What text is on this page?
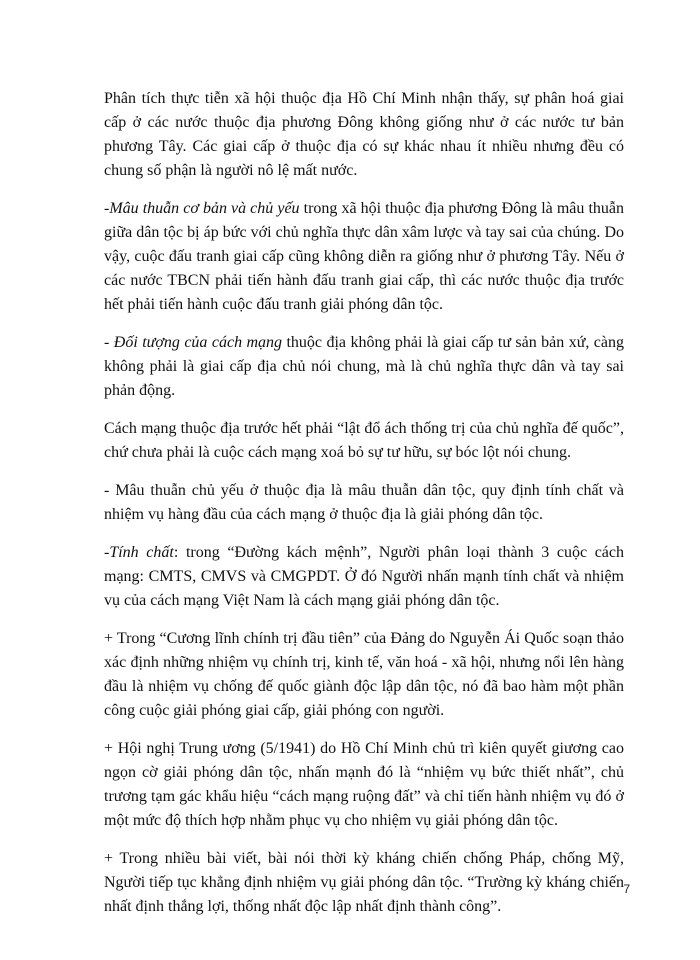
Phân tích thực tiễn xã hội thuộc địa Hồ Chí Minh nhận thấy, sự phân hoá giai cấp ở các nước thuộc địa phương Đông không giống như ở các nước tư bản phương Tây. Các giai cấp ở thuộc địa có sự khác nhau ít nhiều nhưng đều có chung số phận là người nô lệ mất nước.

-Mâu thuẫn cơ bản và chủ yếu trong xã hội thuộc địa phương Đông là mâu thuẫn giữa dân tộc bị áp bức với chủ nghĩa thực dân xâm lược và tay sai của chúng. Do vậy, cuộc đấu tranh giai cấp cũng không diễn ra giống như ở phương Tây. Nếu ở các nước TBCN phải tiến hành đấu tranh giai cấp, thì các nước thuộc địa trước hết phải tiến hành cuộc đấu tranh giải phóng dân tộc.

- Đối tượng của cách mạng thuộc địa không phải là giai cấp tư sản bản xứ, càng không phải là giai cấp địa chủ nói chung, mà là chủ nghĩa thực dân và tay sai phản động.

Cách mạng thuộc địa trước hết phải “lật đổ ách thống trị của chủ nghĩa đế quốc”, chứ chưa phải là cuộc cách mạng xoá bỏ sự tư hữu, sự bóc lột nói chung.

- Mâu thuẫn chủ yếu ở thuộc địa là mâu thuẫn dân tộc, quy định tính chất và nhiệm vụ hàng đầu của cách mạng ở thuộc địa là giải phóng dân tộc.

-Tính chất: trong “Đường kách mệnh”, Người phân loại thành 3 cuộc cách mạng: CMTS, CMVS và CMGPDT. Ở đó Người nhấn mạnh tính chất và nhiệm vụ của cách mạng Việt Nam là cách mạng giải phóng dân tộc.

+ Trong “Cương lĩnh chính trị đầu tiên” của Đảng do Nguyễn Ái Quốc soạn thảo xác định những nhiệm vụ chính trị, kinh tế, văn hoá - xã hội, nhưng nổi lên hàng đầu là nhiệm vụ chống đế quốc giành độc lập dân tộc, nó đã bao hàm một phần công cuộc giải phóng giai cấp, giải phóng con người.

+ Hội nghị Trung ương (5/1941) do Hồ Chí Minh chủ trì kiên quyết giương cao ngọn cờ giải phóng dân tộc, nhấn mạnh đó là “nhiệm vụ bức thiết nhất”, chủ trương tạm gác khẩu hiệu “cách mạng ruộng đất” và chỉ tiến hành nhiệm vụ đó ở một mức độ thích hợp nhằm phục vụ cho nhiệm vụ giải phóng dân tộc.

+ Trong nhiều bài viết, bài nói thời kỳ kháng chiến chống Pháp, chống Mỹ, Người tiếp tục khẳng định nhiệm vụ giải phóng dân tộc. “Trường kỳ kháng chiến nhất định thắng lợi, thống nhất độc lập nhất định thành công”.

7
